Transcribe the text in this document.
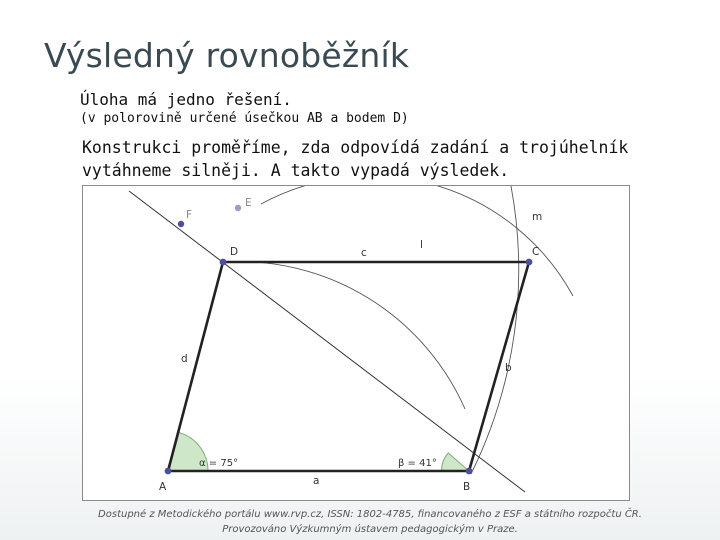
Výsledný rovnoběžník
Úloha má jedno řešení.
(v polorovině určené úsečkou AB a bodem D)
Konstrukci proměříme, zda odpovídá zadání a trojúhelník
vytáhneme silněji. A takto vypadá výsledek.
A	B
C
D
E
F
a
b
c
d
m
l
α = 75°	β = 41°
Dostupné z Metodického portálu www.rvp.cz, ISSN: 1802-4785, financovaného z ESF a státního rozpočtu ČR.
Provozováno Výzkumným ústavem pedagogickým v Praze.
